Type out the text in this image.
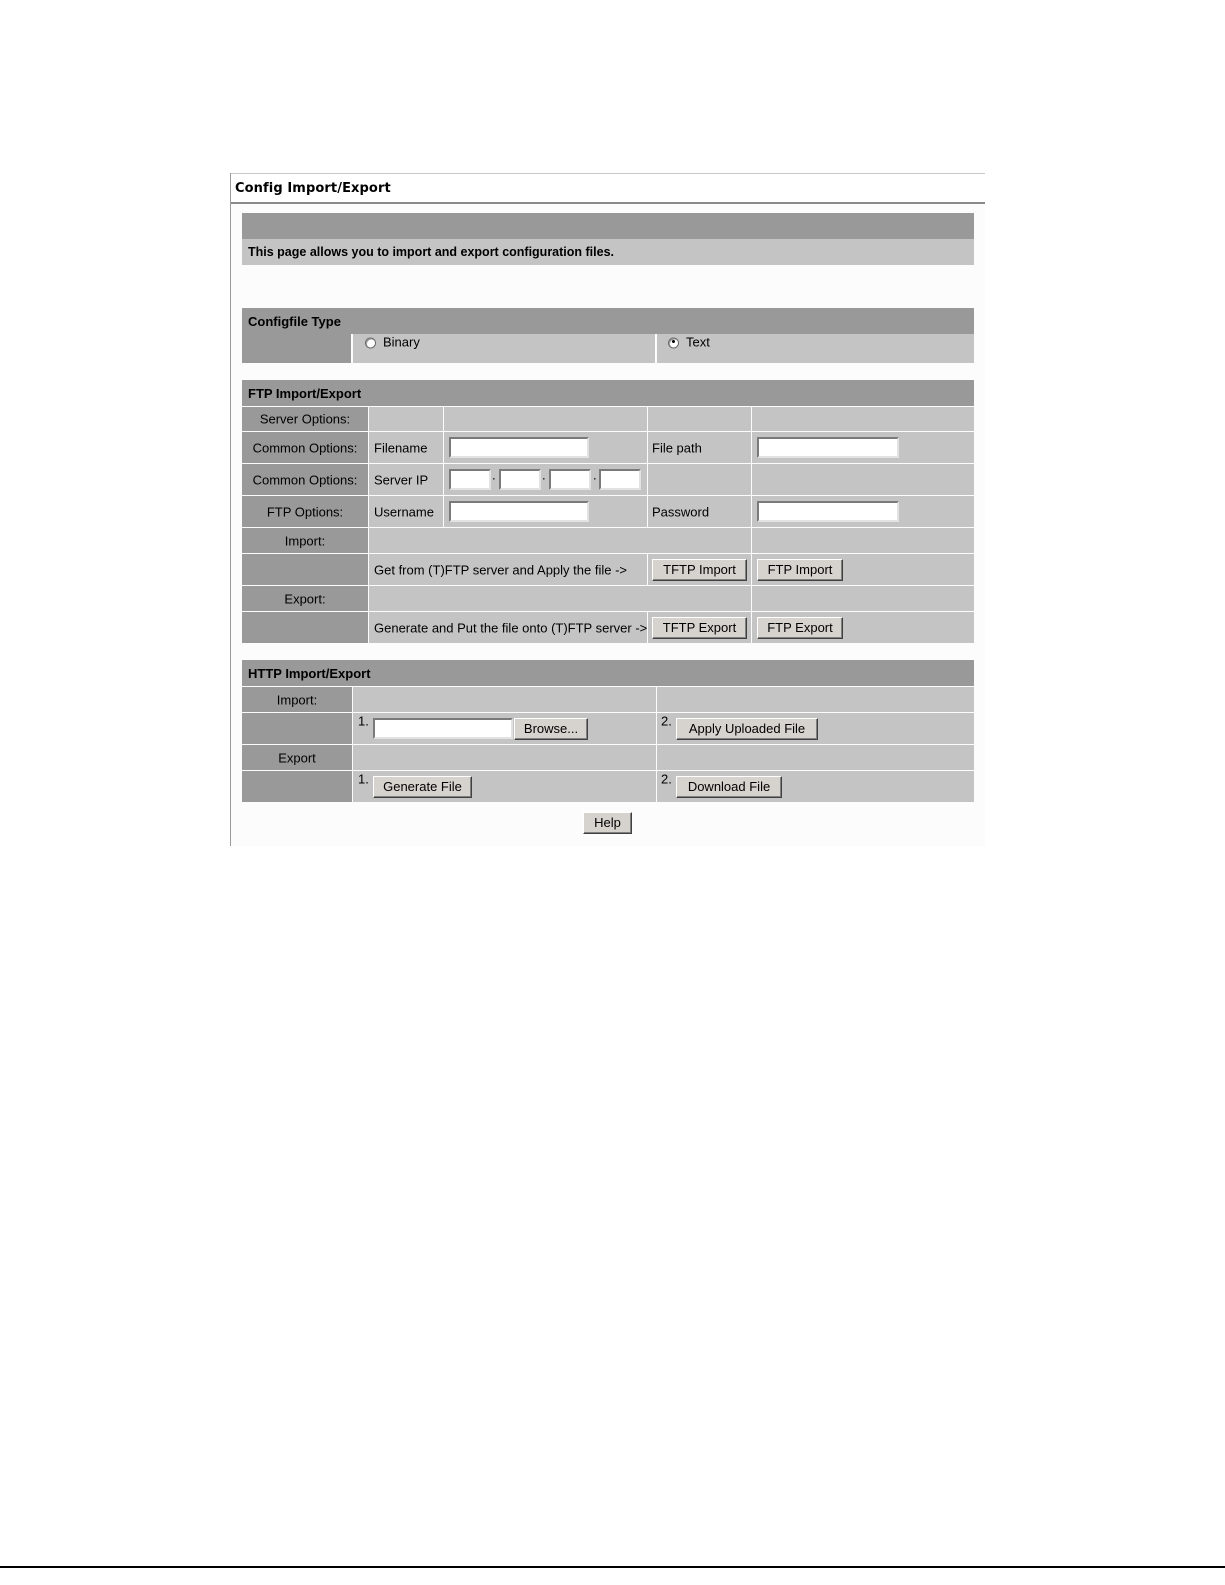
Config Import/Export
This page allows you to import and export configuration files.
Configfile Type
Binary	Text
FTP Import/Export
Server Options:
Common Options:	Filename	File path
Common Options:	Server IP	.	.	.
FTP Options:	Username	Password
Import:
Get from (T)FTP server and Apply the file ->	TFTP Import	FTP Import
Export:
Generate and Put the file onto (T)FTP server ->	TFTP Export	FTP Export
HTTP Import/Export
Import:
1.	Browse...	2.	Apply Uploaded File
Export
1.	Generate File	2.	Download File
Help
